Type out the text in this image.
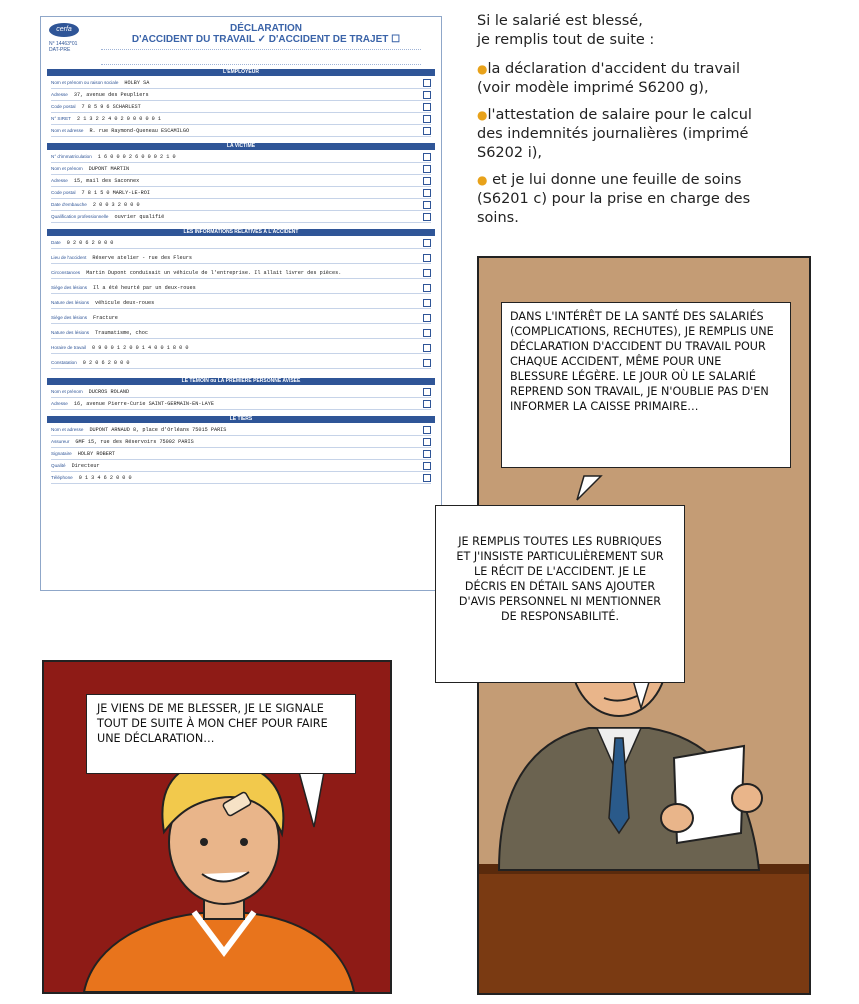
cerfa
N° 14463*01
DAT-PRE
DÉCLARATION
D'ACCIDENT DU TRAVAIL ✓ D'ACCIDENT DE TRAJET ☐
L'EMPLOYEUR
Nom et prénom ou raison sociale HOLBY SA
Adresse 37, avenue des Peupliers
Code postal 7 8 5 9 6 SCHARLEST
N° SIRET 2 1 3 2 2 4 0 2 0 0 0 0 0 1
Nom et adresse R. rue Raymond-Queneau ESCAMILGO
LA VICTIME
N° d'immatriculation 1 6 0 0 0 2 6 0 0 0 2 1 0
Nom et prénom DUPONT MARTIN
Adresse 15, mail des Saconnex
Code postal 7 8 1 5 0 MARLY-LE-ROI
Date d'embauche 2 0 0 3 2 0 0 0
Qualification professionnelle ouvrier qualifié
LES INFORMATIONS RELATIVES À L'ACCIDENT
Date 0 2 0 6 2 0 0 0
Lieu de l'accident Réserve atelier - rue des Fleurs
Circonstances Martin Dupont conduisait un véhicule de l'entreprise. Il allait livrer des pièces.
Siège des lésions Il a été heurté par un deux-roues
Nature des lésions véhicule deux-roues
Siège des lésions Fracture
Nature des lésions Traumatisme, choc
Horaire de travail 0 9 0 0 1 2 0 0 1 4 0 0 1 8 0 0
Constatation 0 2 0 6 2 0 0 0
LE TÉMOIN ou LA PREMIÈRE PERSONNE AVISÉE
Nom et prénom DUCROS ROLAND
Adresse 16, avenue Pierre-Curie SAINT-GERMAIN-EN-LAYE
LE TIERS
Nom et adresse DUPONT ARNAUD 8, place d'Orléans 75015 PARIS
Assureur GMF 15, rue des Réservoirs 75002 PARIS
Signataire HOLBY ROBERT
Qualité Directeur
Téléphone 0 1 3 4 6 2 0 0 0

Si le salarié est blessé,
je remplis tout de suite :

●la déclaration d'accident du travail (voir modèle imprimé S6200 g),

●l'attestation de salaire pour le calcul des indemnités journalières (imprimé S6202 i),

● et je lui donne une feuille de soins (S6201 c) pour la prise en charge des soins.

DANS L'INTÉRÊT DE LA SANTÉ DES SALARIÉS (COMPLICATIONS, RECHUTES), JE REMPLIS UNE DÉCLARATION D'ACCIDENT DU TRAVAIL POUR CHAQUE ACCIDENT, MÊME POUR UNE BLESSURE LÉGÈRE. LE JOUR OÙ LE SALARIÉ REPREND SON TRAVAIL, JE N'OUBLIE PAS D'EN INFORMER LA CAISSE PRIMAIRE…
JE REMPLIS TOUTES LES RUBRIQUES ET J'INSISTE PARTICULIÈREMENT SUR LE RÉCIT DE L'ACCIDENT. JE LE DÉCRIS EN DÉTAIL SANS AJOUTER D'AVIS PERSONNEL NI MENTIONNER DE RESPONSABILITÉ.
JE VIENS DE ME BLESSER, JE LE SIGNALE TOUT DE SUITE À MON CHEF POUR FAIRE UNE DÉCLARATION…
